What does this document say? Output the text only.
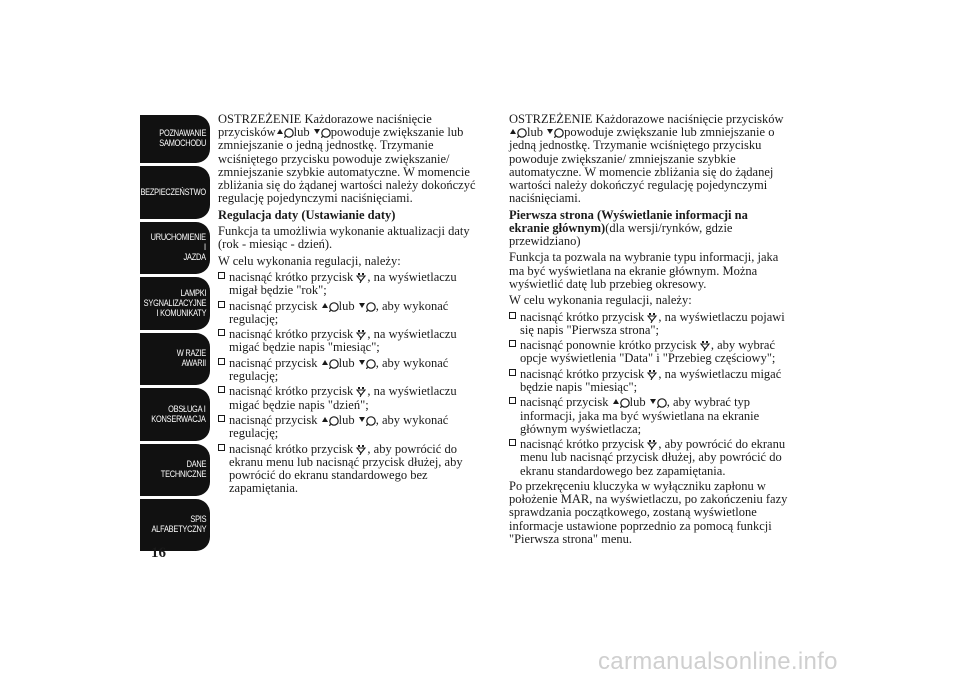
POZNAWANIE
SAMOCHODU
BEZPIECZEŃSTWO
URUCHOMIENIE I
JAZDA
LAMPKI
SYGNALIZACYJNE
I KOMUNIKATY
W RAZIE AWARII
OBSŁUGA I
KONSERWACJA
DANE
TECHNICZNE
SPIS
ALFABETYCZNY
16

OSTRZEŻENIE Każdorazowe naciśnięcie przycisków lub powoduje zwiększanie lub zmniejszanie o jedną jednostkę. Trzymanie wciśniętego przycisku powoduje zwiększanie/ zmniejszanie szybkie automatyczne. W momencie zbliżania się do żądanej wartości należy dokończyć regulację pojedynczymi naciśnięciami.

Regulacja daty (Ustawianie daty)

Funkcja ta umożliwia wykonanie aktualizacji daty (rok - miesiąc - dzień).

W celu wykonania regulacji, należy:

nacisnąć krótko przycisk , na wyświetlaczu migał będzie "rok";
nacisnąć przycisk lub , aby wykonać regulację;
nacisnąć krótko przycisk , na wyświetlaczu migać będzie napis "miesiąc";
nacisnąć przycisk lub , aby wykonać regulację;
nacisnąć krótko przycisk , na wyświetlaczu migać będzie napis "dzień";
nacisnąć przycisk lub , aby wykonać regulację;
nacisnąć krótko przycisk , aby powrócić do ekranu menu lub nacisnąć przycisk dłużej, aby powrócić do ekranu standardowego bez zapamiętania.

OSTRZEŻENIE Każdorazowe naciśnięcie przyciskówlub powoduje zwiększanie lub zmniejszanie o jedną jednostkę. Trzymanie wciśniętego przycisku powoduje zwiększanie/ zmniejszanie szybkie automatyczne. W momencie zbliżania się do żądanej wartości należy dokończyć regulację pojedynczymi naciśnięciami.

Pierwsza strona (Wyświetlanie informacji na ekranie głównym)(dla wersji/rynków, gdzie przewidziano)

Funkcja ta pozwala na wybranie typu informacji, jaka ma być wyświetlana na ekranie głównym. Można wyświetlić datę lub przebieg okresowy.

W celu wykonania regulacji, należy:

nacisnąć krótko przycisk , na wyświetlaczu pojawi się napis "Pierwsza strona";
nacisnąć ponownie krótko przycisk , aby wybrać opcje wyświetlenia "Data" i "Przebieg częściowy";
nacisnąć krótko przycisk , na wyświetlaczu migać będzie napis "miesiąc";
nacisnąć przycisk lub , aby wybrać typ informacji, jaka ma być wyświetlana na ekranie głównym wyświetlacza;
nacisnąć krótko przycisk , aby powrócić do ekranu menu lub nacisnąć przycisk dłużej, aby powrócić do ekranu standardowego bez zapamiętania.

Po przekręceniu kluczyka w wyłączniku zapłonu w położenie MAR, na wyświetlaczu, po zakończeniu fazy sprawdzania początkowego, zostaną wyświetlone informacje ustawione poprzednio za pomocą funkcji "Pierwsza strona" menu.

carmanualsonline.info
